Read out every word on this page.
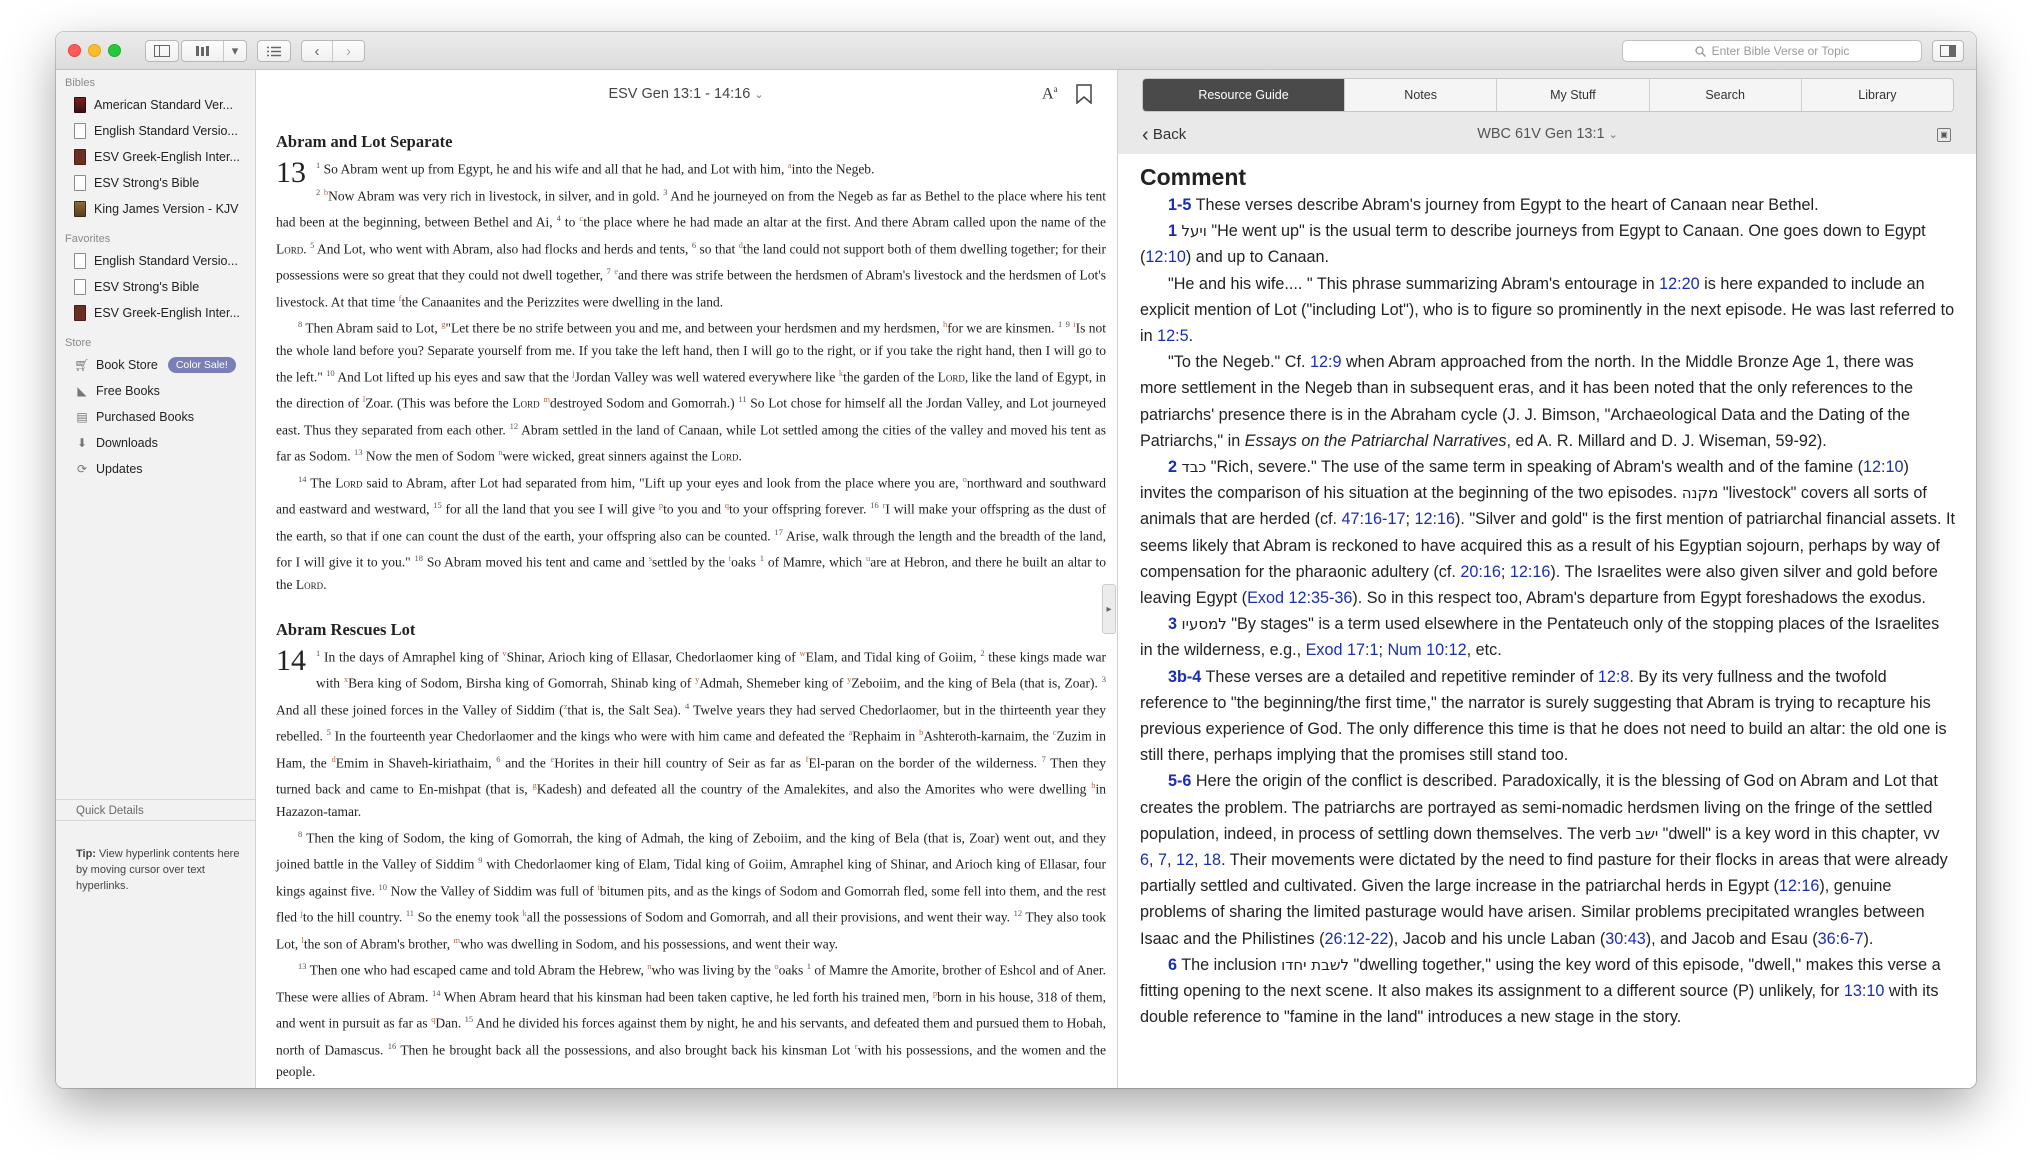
▾	‹	›	Enter Bible Verse or Topic
Bibles
American Standard Ver...
English Standard Versio...
ESV Greek-English Inter...
ESV Strong's Bible
King James Version - KJV
Favorites
English Standard Versio...
ESV Strong's Bible
ESV Greek-English Inter...
Store
🛒︎ Book Store	Color Sale!
◣ Free Books
▤ Purchased Books
⬇ Downloads
⟳ Updates
Quick Details
Tip: View hyperlink contents here by moving cursor over text hyperlinks.
ESV Gen 13:1 - 14:16 ⌄	$A^a$
Abram and Lot Separate

13 $^1$ So Abram went up from Egypt, he and his wife and all that he had, and Lot with him, $^a$into the Negeb.
$^2$ $^b$Now Abram was very rich in livestock, in silver, and in gold. $^3$ And he journeyed on from the Negeb as far as Bethel to the place where his tent had been at the beginning, between Bethel and Ai, $^4$ to $^c$the place where he had made an altar at the first. And there Abram called upon the name of the Lord. $^5$ And Lot, who went with Abram, also had flocks and herds and tents, $^6$ so that $^d$the land could not support both of them dwelling together; for their possessions were so great that they could not dwell together, $^7$ $^e$and there was strife between the herdsmen of Abram's livestock and the herdsmen of Lot's livestock. At that time $^f$the Canaanites and the Perizzites were dwelling in the land.

$^8$ Then Abram said to Lot, $^g$"Let there be no strife between you and me, and between your herdsmen and my herdsmen, $^h$for we are kinsmen. $^1$ $^9$ $^i$Is not the whole land before you? Separate yourself from me. If you take the left hand, then I will go to the right, or if you take the right hand, then I will go to the left." $^{10}$ And Lot lifted up his eyes and saw that the $^j$Jordan Valley was well watered everywhere like $^k$the garden of the Lord, like the land of Egypt, in the direction of $^l$Zoar. (This was before the Lord $^m$destroyed Sodom and Gomorrah.) $^{11}$ So Lot chose for himself all the Jordan Valley, and Lot journeyed east. Thus they separated from each other. $^{12}$ Abram settled in the land of Canaan, while Lot settled among the cities of the valley and moved his tent as far as Sodom. $^{13}$ Now the men of Sodom $^n$were wicked, great sinners against the Lord.

$^{14}$ The Lord said to Abram, after Lot had separated from him, "Lift up your eyes and look from the place where you are, $^o$northward and southward and eastward and westward, $^{15}$ for all the land that you see I will give $^p$to you and $^q$to your offspring forever. $^{16}$ $^r$I will make your offspring as the dust of the earth, so that if one can count the dust of the earth, your offspring also can be counted. $^{17}$ Arise, walk through the length and the breadth of the land, for I will give it to you." $^{18}$ So Abram moved his tent and came and $^s$settled by the $^t$oaks $^1$ of Mamre, which $^u$are at Hebron, and there he built an altar to the Lord.

Abram Rescues Lot

14 $^1$ In the days of Amraphel king of $^v$Shinar, Arioch king of Ellasar, Chedorlaomer king of $^w$Elam, and Tidal king of Goiim, $^2$ these kings made war with $^x$Bera king of Sodom, Birsha king of Gomorrah, Shinab king of $^y$Admah, Shemeber king of $^y$Zeboiim, and the king of Bela (that is, Zoar). $^3$ And all these joined forces in the Valley of Siddim ($^z$that is, the Salt Sea). $^4$ Twelve years they had served Chedorlaomer, but in the thirteenth year they rebelled. $^5$ In the fourteenth year Chedorlaomer and the kings who were with him came and defeated the $^a$Rephaim in $^b$Ashteroth-karnaim, the $^c$Zuzim in Ham, the $^d$Emim in Shaveh-kiriathaim, $^6$ and the $^e$Horites in their hill country of Seir as far as $^f$El-paran on the border of the wilderness. $^7$ Then they turned back and came to En-mishpat (that is, $^g$Kadesh) and defeated all the country of the Amalekites, and also the Amorites who were dwelling $^h$in Hazazon-tamar.

$^8$ Then the king of Sodom, the king of Gomorrah, the king of Admah, the king of Zeboiim, and the king of Bela (that is, Zoar) went out, and they joined battle in the Valley of Siddim $^9$ with Chedorlaomer king of Elam, Tidal king of Goiim, Amraphel king of Shinar, and Arioch king of Ellasar, four kings against five. $^{10}$ Now the Valley of Siddim was full of $^i$bitumen pits, and as the kings of Sodom and Gomorrah fled, some fell into them, and the rest fled $^j$to the hill country. $^{11}$ So the enemy took $^k$all the possessions of Sodom and Gomorrah, and all their provisions, and went their way. $^{12}$ They also took Lot, $^l$the son of Abram's brother, $^m$who was dwelling in Sodom, and his possessions, and went their way.

$^{13}$ Then one who had escaped came and told Abram the Hebrew, $^n$who was living by the $^o$oaks $^1$ of Mamre the Amorite, brother of Eshcol and of Aner. These were allies of Abram. $^{14}$ When Abram heard that his kinsman had been taken captive, he led forth his trained men, $^p$born in his house, 318 of them, and went in pursuit as far as $^q$Dan. $^{15}$ And he divided his forces against them by night, he and his servants, and defeated them and pursued them to Hobah, north of Damascus. $^{16}$ Then he brought back all the possessions, and also brought back his kinsman Lot $^r$with his possessions, and the women and the people.

▸
Resource Guide	Notes	My Stuff	Search	Library
‹ Back	WBC 61V Gen 13:1 ⌄	▣
Comment

1-5 These verses describe Abram's journey from Egypt to the heart of Canaan near Bethel.

1 ויעל "He went up" is the usual term to describe journeys from Egypt to Canaan. One goes down to Egypt (12:10) and up to Canaan.

"He and his wife.... " This phrase summarizing Abram's entourage in 12:20 is here expanded to include an explicit mention of Lot ("including Lot"), who is to figure so prominently in the next episode. He was last referred to in 12:5.

"To the Negeb." Cf. 12:9 when Abram approached from the north. In the Middle Bronze Age 1, there was more settlement in the Negeb than in subsequent eras, and it has been noted that the only references to the patriarchs' presence there is in the Abraham cycle (J. J. Bimson, "Archaeological Data and the Dating of the Patriarchs," in Essays on the Patriarchal Narratives, ed A. R. Millard and D. J. Wiseman, 59-92).

2 כבד "Rich, severe." The use of the same term in speaking of Abram's wealth and of the famine (12:10) invites the comparison of his situation at the beginning of the two episodes. מקנה "livestock" covers all sorts of animals that are herded (cf. 47:16-17; 12:16). "Silver and gold" is the first mention of patriarchal financial assets. It seems likely that Abram is reckoned to have acquired this as a result of his Egyptian sojourn, perhaps by way of compensation for the pharaonic adultery (cf. 20:16; 12:16). The Israelites were also given silver and gold before leaving Egypt (Exod 12:35-36). So in this respect too, Abram's departure from Egypt foreshadows the exodus.

3 למסעיו "By stages" is a term used elsewhere in the Pentateuch only of the stopping places of the Israelites in the wilderness, e.g., Exod 17:1; Num 10:12, etc.

3b-4 These verses are a detailed and repetitive reminder of 12:8. By its very fullness and the twofold reference to "the beginning/the first time," the narrator is surely suggesting that Abram is trying to recapture his previous experience of God. The only difference this time is that he does not need to build an altar: the old one is still there, perhaps implying that the promises still stand too.

5-6 Here the origin of the conflict is described. Paradoxically, it is the blessing of God on Abram and Lot that creates the problem. The patriarchs are portrayed as semi-nomadic herdsmen living on the fringe of the settled population, indeed, in process of settling down themselves. The verb ישב "dwell" is a key word in this chapter, vv 6, 7, 12, 18. Their movements were dictated by the need to find pasture for their flocks in areas that were already partially settled and cultivated. Given the large increase in the patriarchal herds in Egypt (12:16), genuine problems of sharing the limited pasturage would have arisen. Similar problems precipitated wrangles between Isaac and the Philistines (26:12-22), Jacob and his uncle Laban (30:43), and Jacob and Esau (36:6-7).

6 The inclusion לשבת יחדו "dwelling together," using the key word of this episode, "dwell," makes this verse a fitting opening to the next scene. It also makes its assignment to a different source (P) unlikely, for 13:10 with its double reference to "famine in the land" introduces a new stage in the story.
